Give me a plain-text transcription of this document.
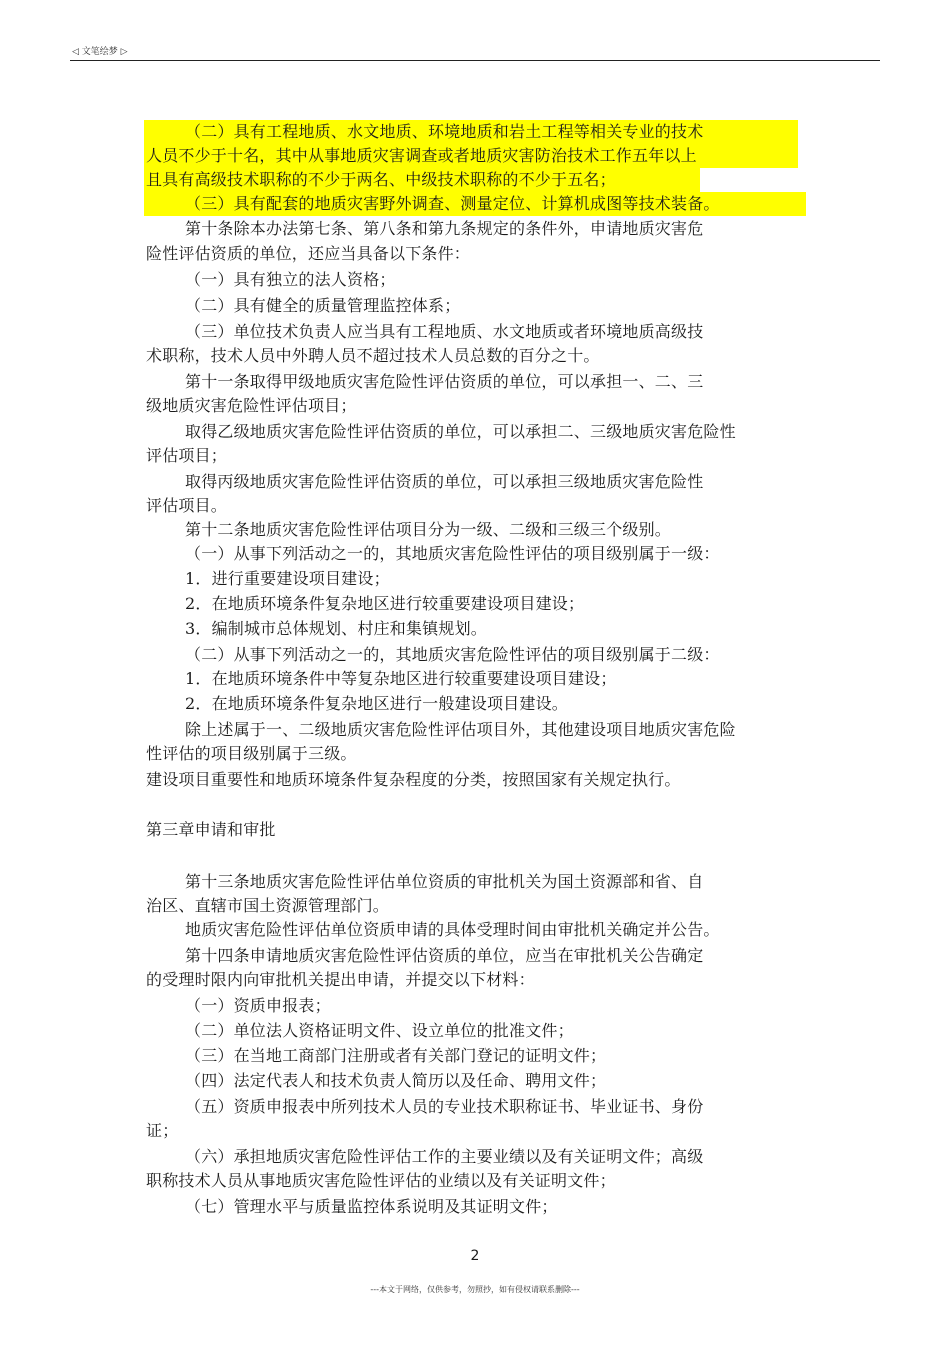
◁ 文笔绘梦 ▷
（二）具有工程地质、水文地质、环境地质和岩土工程等相关专业的技术
人员不少于十名，其中从事地质灾害调查或者地质灾害防治技术工作五年以上
且具有高级技术职称的不少于两名、中级技术职称的不少于五名；
（三）具有配套的地质灾害野外调查、测量定位、计算机成图等技术装备。
第十条除本办法第七条、第八条和第九条规定的条件外，申请地质灾害危
险性评估资质的单位，还应当具备以下条件：
（一）具有独立的法人资格；
（二）具有健全的质量管理监控体系；
（三）单位技术负责人应当具有工程地质、水文地质或者环境地质高级技
术职称，技术人员中外聘人员不超过技术人员总数的百分之十。
第十一条取得甲级地质灾害危险性评估资质的单位，可以承担一、二、三
级地质灾害危险性评估项目；
取得乙级地质灾害危险性评估资质的单位，可以承担二、三级地质灾害危险性
评估项目；
取得丙级地质灾害危险性评估资质的单位，可以承担三级地质灾害危险性
评估项目。
第十二条地质灾害危险性评估项目分为一级、二级和三级三个级别。
（一）从事下列活动之一的，其地质灾害危险性评估的项目级别属于一级：
1．进行重要建设项目建设；
2．在地质环境条件复杂地区进行较重要建设项目建设；
3．编制城市总体规划、村庄和集镇规划。
（二）从事下列活动之一的，其地质灾害危险性评估的项目级别属于二级：
1．在地质环境条件中等复杂地区进行较重要建设项目建设；
2．在地质环境条件复杂地区进行一般建设项目建设。
除上述属于一、二级地质灾害危险性评估项目外，其他建设项目地质灾害危险
性评估的项目级别属于三级。
建设项目重要性和地质环境条件复杂程度的分类，按照国家有关规定执行。
第三章申请和审批
第十三条地质灾害危险性评估单位资质的审批机关为国土资源部和省、自
治区、直辖市国土资源管理部门。
地质灾害危险性评估单位资质申请的具体受理时间由审批机关确定并公告。
第十四条申请地质灾害危险性评估资质的单位，应当在审批机关公告确定
的受理时限内向审批机关提出申请，并提交以下材料：
（一）资质申报表；
（二）单位法人资格证明文件、设立单位的批准文件；
（三）在当地工商部门注册或者有关部门登记的证明文件；
（四）法定代表人和技术负责人简历以及任命、聘用文件；
（五）资质申报表中所列技术人员的专业技术职称证书、毕业证书、身份
证；
（六）承担地质灾害危险性评估工作的主要业绩以及有关证明文件；高级
职称技术人员从事地质灾害危险性评估的业绩以及有关证明文件；
（七）管理水平与质量监控体系说明及其证明文件；
2
---本文于网络，仅供参考，勿照抄，如有侵权请联系删除---
